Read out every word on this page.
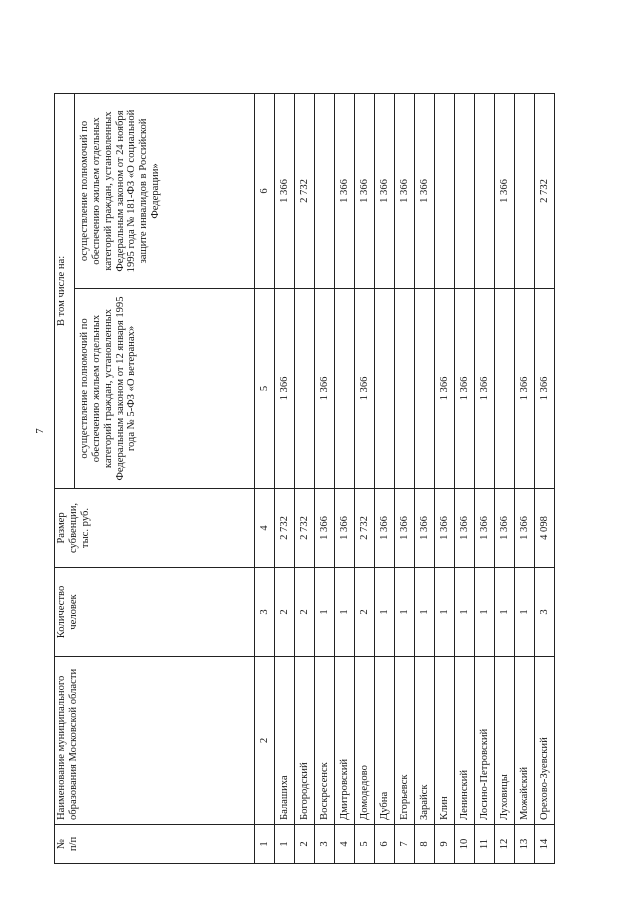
7
№
п/п	Наименование муниципального образования Московской области	Количество человек	Размер субвенции, тыс. руб.	В том числе на:	
				осуществление полномочий по обеспечению жильем отдельных категорий граждан, установленных Федеральным законом от 12 января 1995 года № 5-ФЗ «О ветеранах»	осуществление полномочий по обеспечению жильем отдельных категорий граждан, установленных Федеральным законом от 24 ноября 1995 года № 181-ФЗ «О социальной защите инвалидов в Российской Федерации»
1	2	3	4	5	6
1	Балашиха	2	2 732	1 366	1 366
2	Богородский	2	2 732		2 732
3	Воскресенск	1	1 366	1 366	
4	Дмитровский	1	1 366		1 366
5	Домодедово	2	2 732	1 366	1 366
6	Дубна	1	1 366		1 366
7	Егорьевск	1	1 366		1 366
8	Зарайск	1	1 366		1 366
9	Клин	1	1 366	1 366	
10	Ленинский	1	1 366	1 366	
11	Лосино-Петровский	1	1 366	1 366	
12	Луховицы	1	1 366		1 366
13	Можайский	1	1 366	1 366	
14	Орехово-Зуевский	3	4 098	1 366	2 732
